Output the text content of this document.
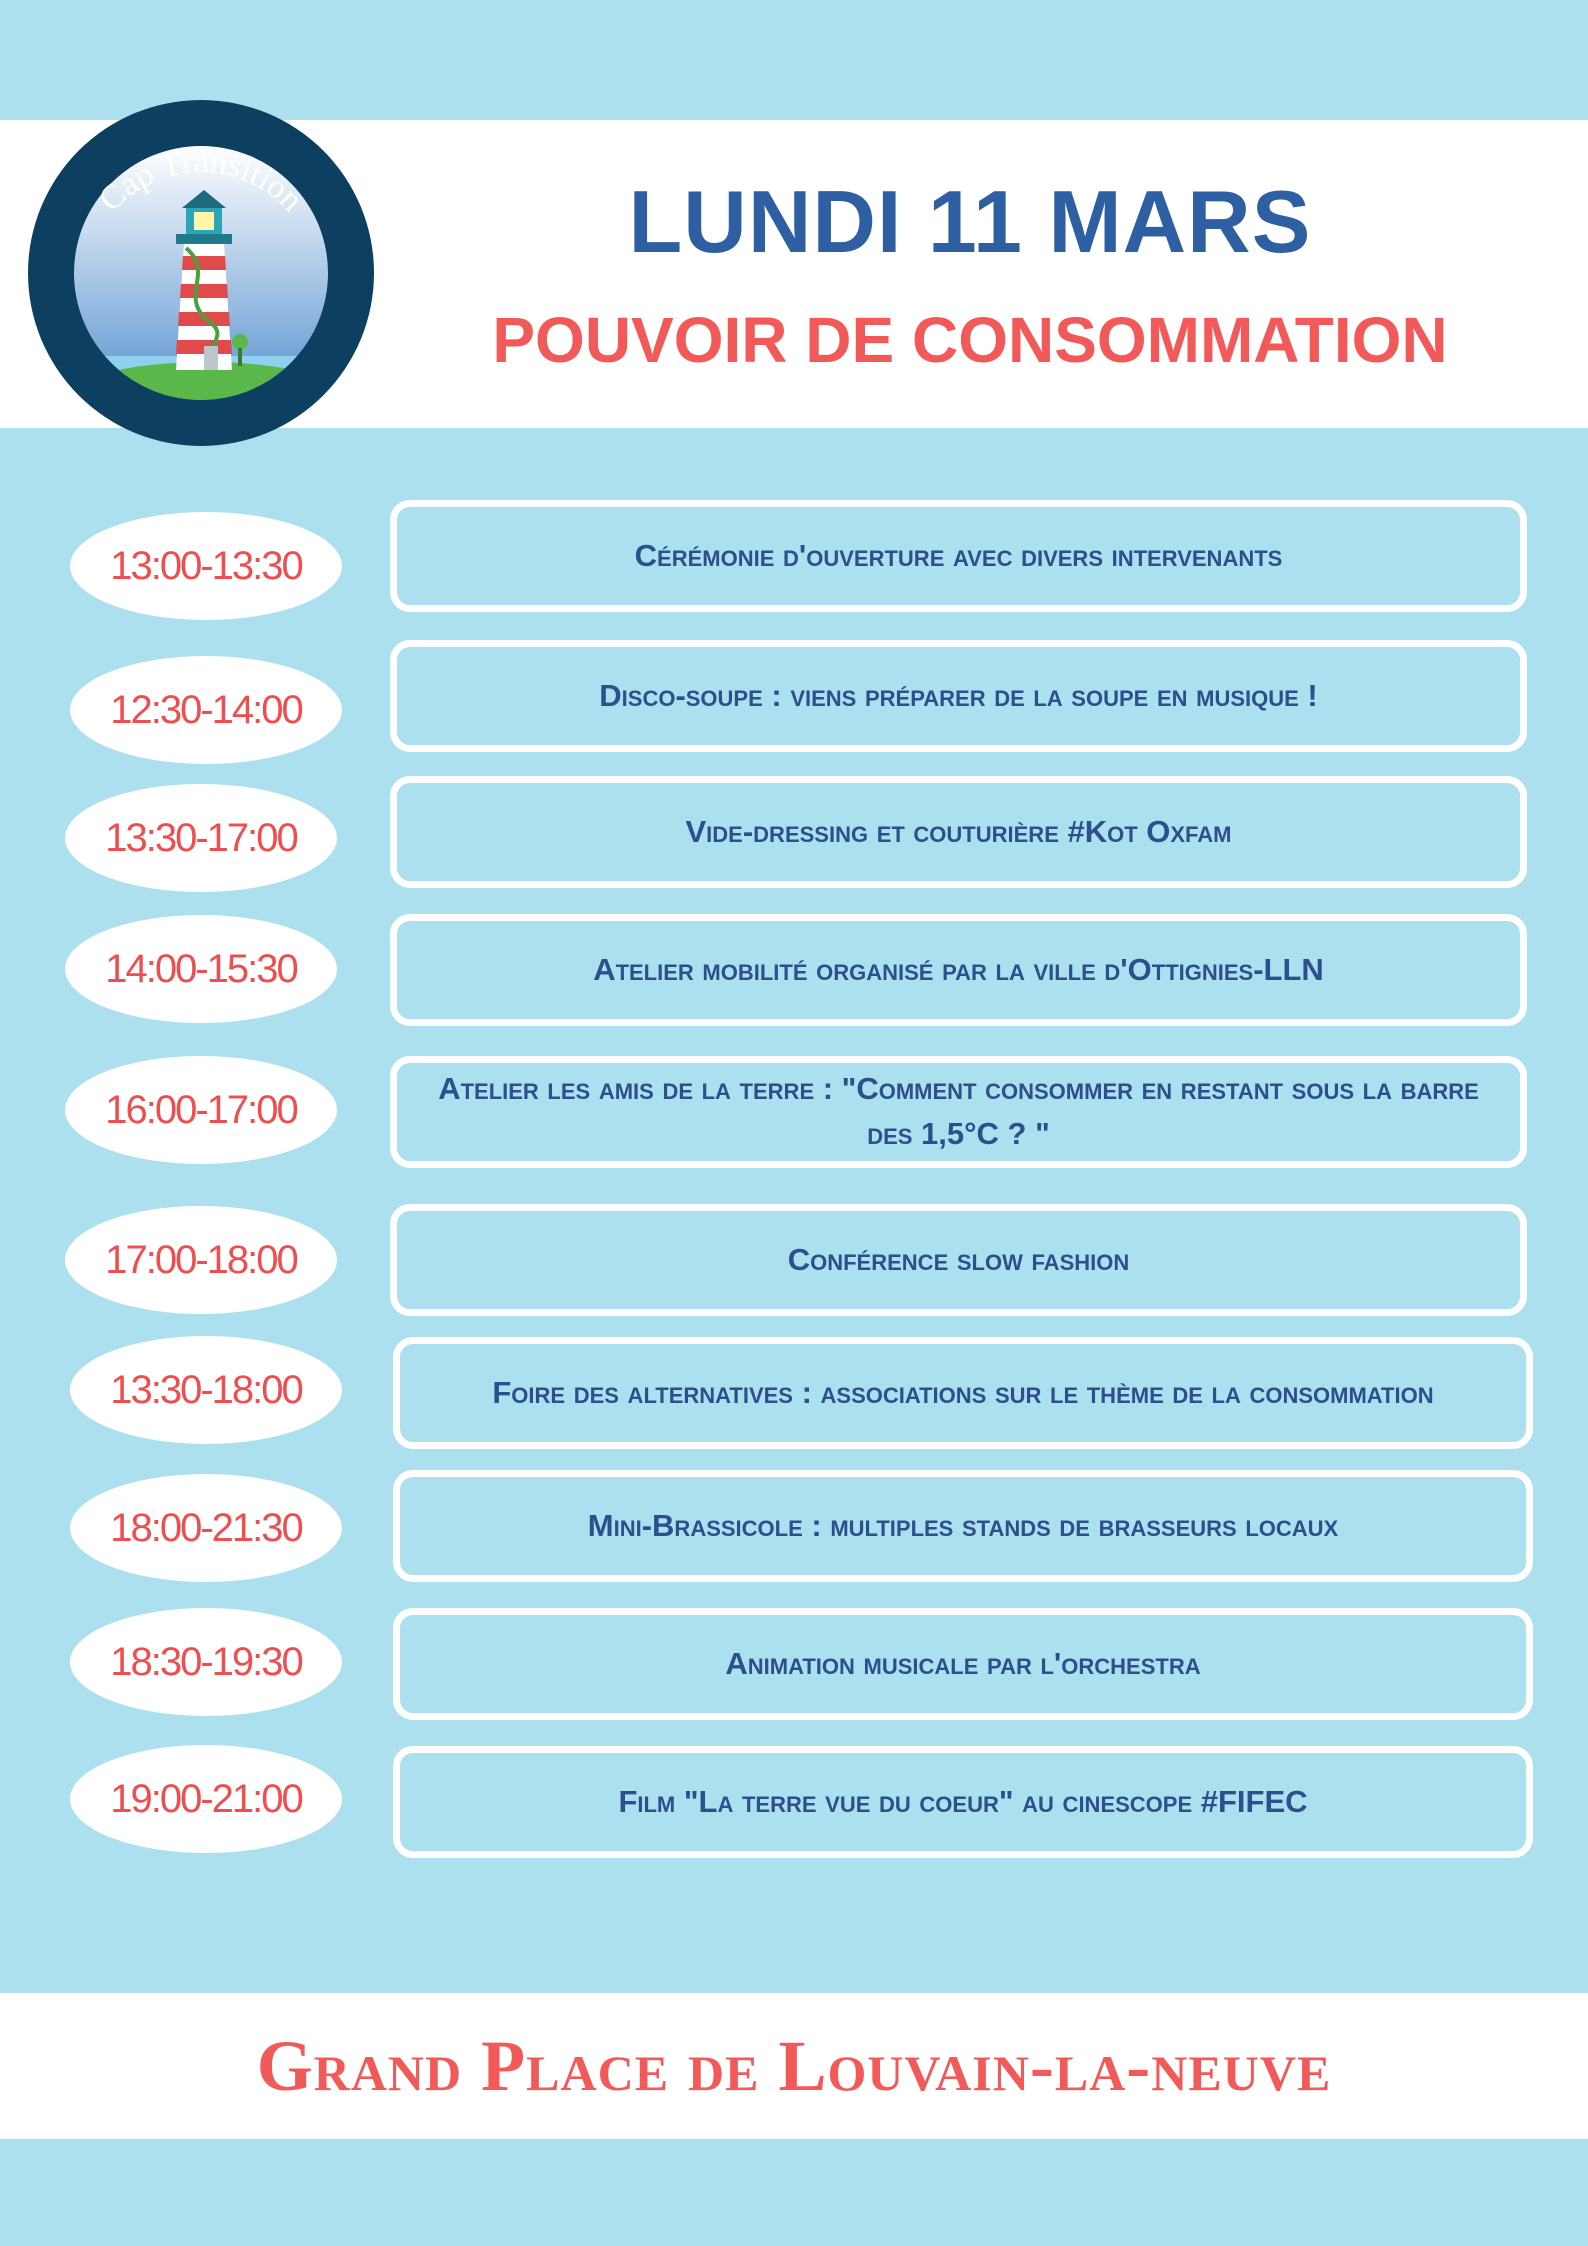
Cap Transition	LUNDI 11 MARS
POUVOIR DE CONSOMMATION
13:00-13:30
12:30-14:00
13:30-17:00
14:00-15:30
16:00-17:00
17:00-18:00
13:30-18:00
18:00-21:30
18:30-19:30
19:00-21:00
Cérémonie d'ouverture avec divers intervenants
Disco-soupe : viens préparer de la soupe en musique !
Vide-dressing et couturière #Kot Oxfam
Atelier mobilité organisé par la ville d'Ottignies-LLN
Atelier les amis de la terre : "Comment consommer en restant sous la barre des 1,5°C ? "
Conférence slow fashion
Foire des alternatives : associations sur le thème de la consommation
Mini-Brassicole : multiples stands de brasseurs locaux
Animation musicale par l'orchestra
Film "La terre vue du coeur" au cinescope #FIFEC
Grand Place de Louvain-la-neuve
